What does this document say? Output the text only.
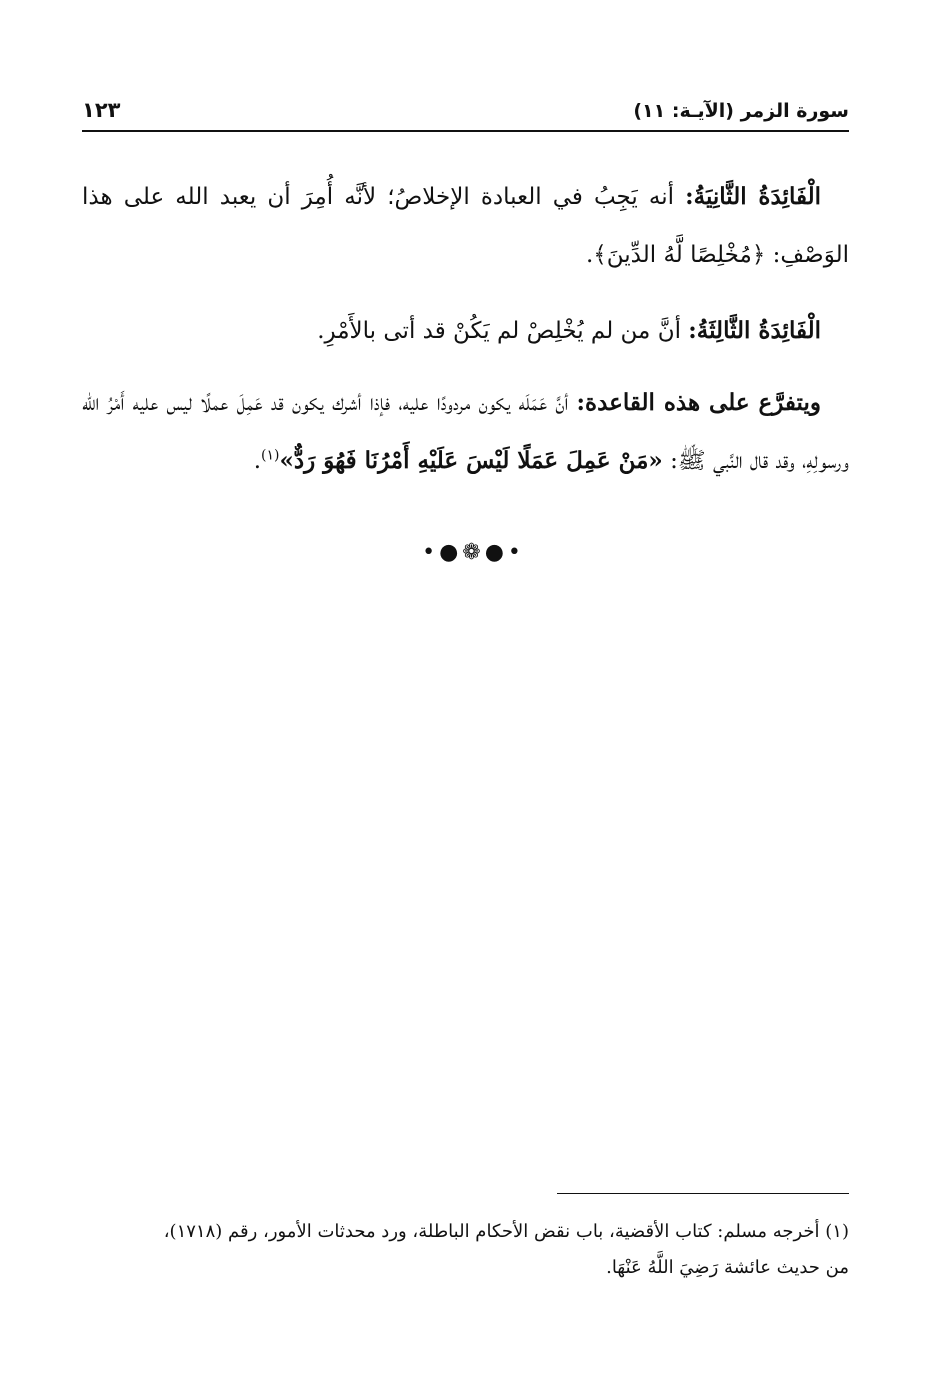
سورة الزمر (الآيـة: ١١)
١٢٣

الْفَائِدَةُ الثَّانِيَةُ: أنه يَجِبُ في العبادة الإخلاصُ؛ لأنَّه أُمِرَ أن يعبد الله على هذا الوَصْفِ: ﴿مُخْلِصًا لَّهُ الدِّينَ﴾.

الْفَائِدَةُ الثَّالِثَةُ: أنَّ من لم يُخْلِصْ لم يَكُنْ قد أتى بالأَمْرِ.

ويتفرَّع على هذه القاعدة: أنَّ عَمَلَه يكون مردودًا عليه، فإذا أشرك يكون قد عَمِلَ عملًا ليس عليه أَمْرُ الله ورسولِهِ، وقد قال النَّبي ﷺ: «مَنْ عَمِلَ عَمَلًا لَيْسَ عَلَيْهِ أَمْرُنَا فَهُوَ رَدٌّ»$^{(١)}$.

•●❁●•
(١) أخرجه مسلم: كتاب الأقضية، باب نقض الأحكام الباطلة، ورد محدثات الأمور، رقم (١٧١٨)،
من حديث عائشة رَضِيَ اللَّهُ عَنْهَا.
